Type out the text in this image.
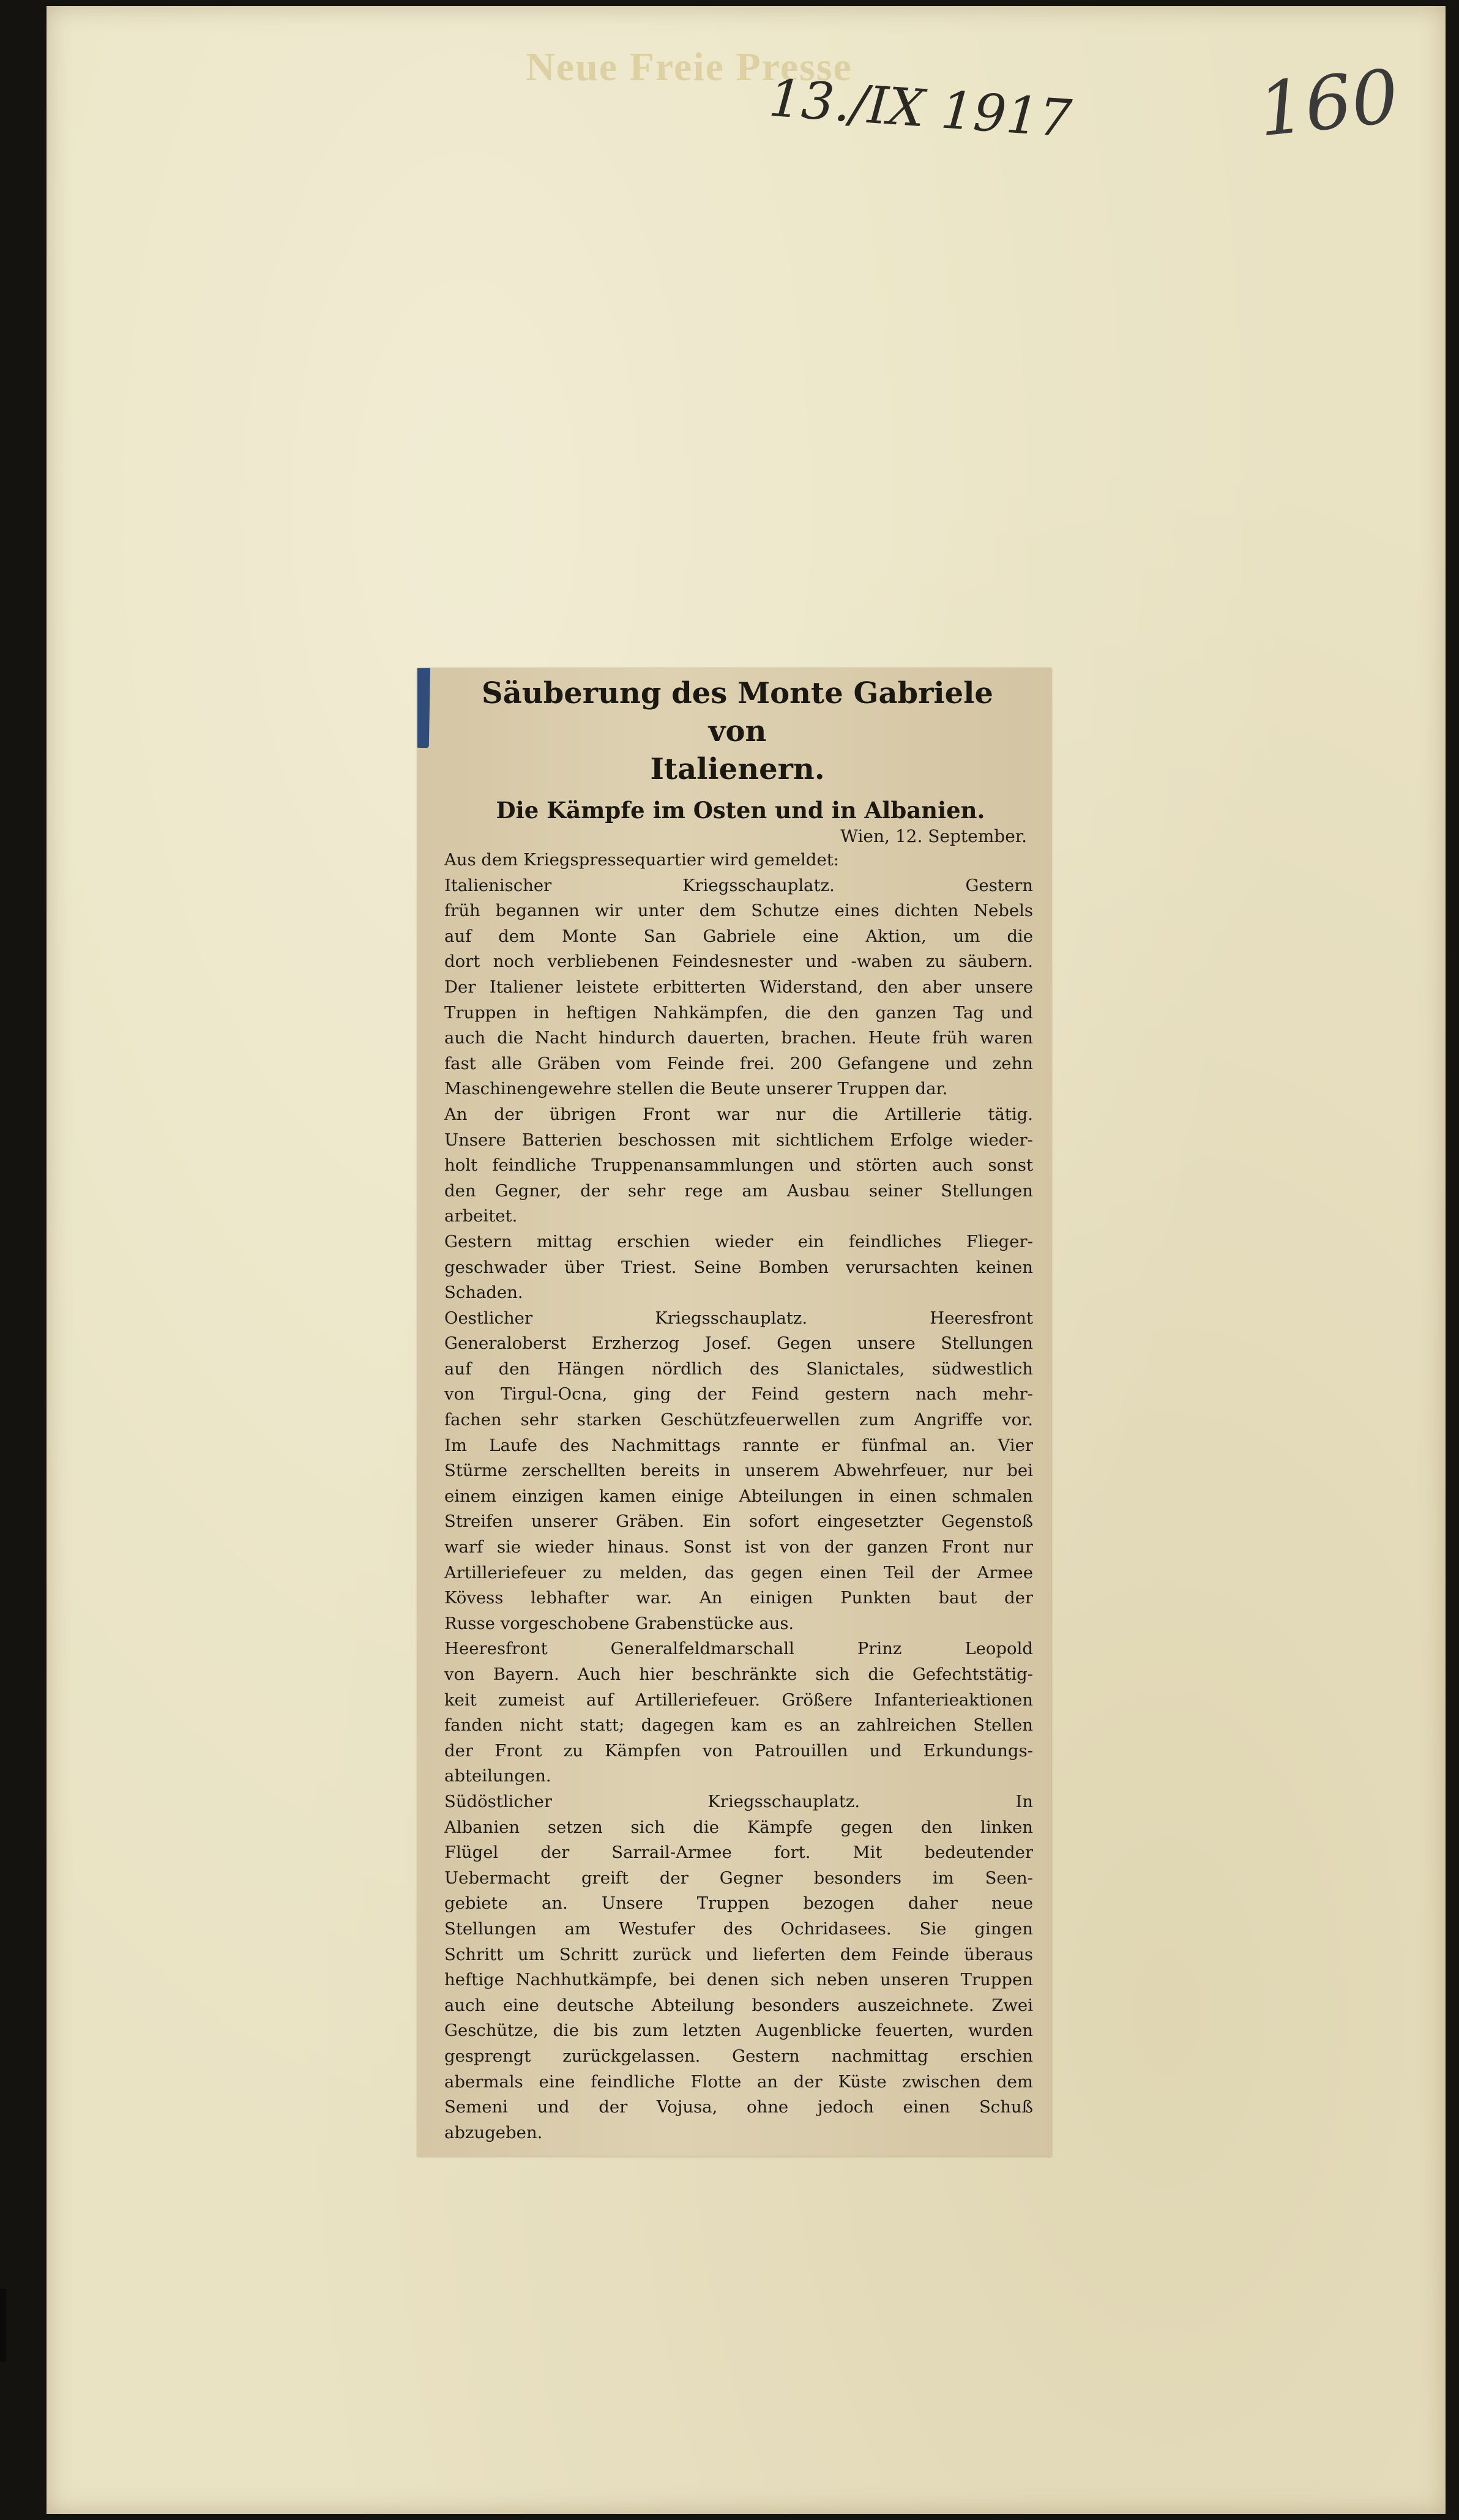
Neue Freie Presse
13./IX 1917 160
Säuberung des Monte Gabriele von
Italienern.
Die Kämpfe im Osten und in Albanien.
Wien, 12. September.
Aus dem Kriegspressequartier wird gemeldet:
Italienischer Kriegsschauplatz. Gestern
früh begannen wir unter dem Schutze eines dichten Nebels
auf dem Monte San Gabriele eine Aktion, um die
dort noch verbliebenen Feindesnester und -waben zu säubern.
Der Italiener leistete erbitterten Widerstand, den aber unsere
Truppen in heftigen Nahkämpfen, die den ganzen Tag und
auch die Nacht hindurch dauerten, brachen. Heute früh waren
fast alle Gräben vom Feinde frei. 200 Gefangene und zehn
Maschinengewehre stellen die Beute unserer Truppen dar.
An der übrigen Front war nur die Artillerie tätig.
Unsere Batterien beschossen mit sichtlichem Erfolge wieder-
holt feindliche Truppenansammlungen und störten auch sonst
den Gegner, der sehr rege am Ausbau seiner Stellungen
arbeitet.
Gestern mittag erschien wieder ein feindliches Flieger-
geschwader über Triest. Seine Bomben verursachten keinen
Schaden.
Oestlicher Kriegsschauplatz. Heeresfront
Generaloberst Erzherzog Josef. Gegen unsere Stellungen
auf den Hängen nördlich des Slanictales, südwestlich
von Tirgul-Ocna, ging der Feind gestern nach mehr-
fachen sehr starken Geschützfeuerwellen zum Angriffe vor.
Im Laufe des Nachmittags rannte er fünfmal an. Vier
Stürme zerschellten bereits in unserem Abwehrfeuer, nur bei
einem einzigen kamen einige Abteilungen in einen schmalen
Streifen unserer Gräben. Ein sofort eingesetzter Gegenstoß
warf sie wieder hinaus. Sonst ist von der ganzen Front nur
Artilleriefeuer zu melden, das gegen einen Teil der Armee
Kövess lebhafter war. An einigen Punkten baut der
Russe vorgeschobene Grabenstücke aus.
Heeresfront Generalfeldmarschall Prinz Leopold
von Bayern. Auch hier beschränkte sich die Gefechtstätig-
keit zumeist auf Artilleriefeuer. Größere Infanterieaktionen
fanden nicht statt; dagegen kam es an zahlreichen Stellen
der Front zu Kämpfen von Patrouillen und Erkundungs-
abteilungen.
Südöstlicher Kriegsschauplatz. In
Albanien setzen sich die Kämpfe gegen den linken
Flügel der Sarrail-Armee fort. Mit bedeutender
Uebermacht greift der Gegner besonders im Seen-
gebiete an. Unsere Truppen bezogen daher neue
Stellungen am Westufer des Ochridasees. Sie gingen
Schritt um Schritt zurück und lieferten dem Feinde überaus
heftige Nachhutkämpfe, bei denen sich neben unseren Truppen
auch eine deutsche Abteilung besonders auszeichnete. Zwei
Geschütze, die bis zum letzten Augenblicke feuerten, wurden
gesprengt zurückgelassen. Gestern nachmittag erschien
abermals eine feindliche Flotte an der Küste zwischen dem
Semeni und der Vojusa, ohne jedoch einen Schuß
abzugeben.
